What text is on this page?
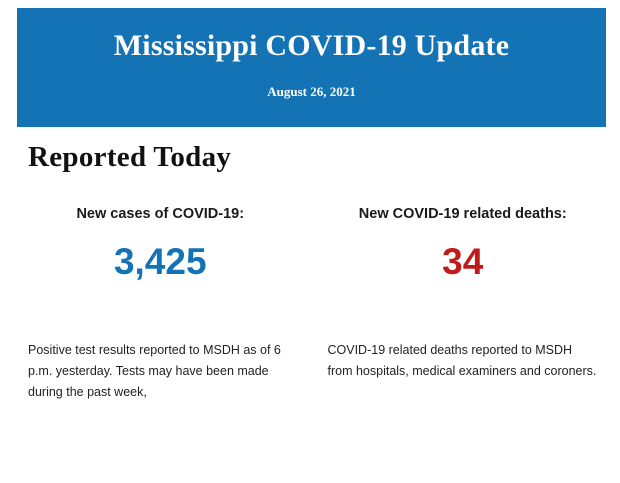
Mississippi COVID-19 Update
August 26, 2021
Reported Today
New cases of COVID-19:
3,425
New COVID-19 related deaths:
34
Positive test results reported to MSDH as of 6 p.m. yesterday. Tests may have been made during the past week,
COVID-19 related deaths reported to MSDH from hospitals, medical examiners and coroners.
